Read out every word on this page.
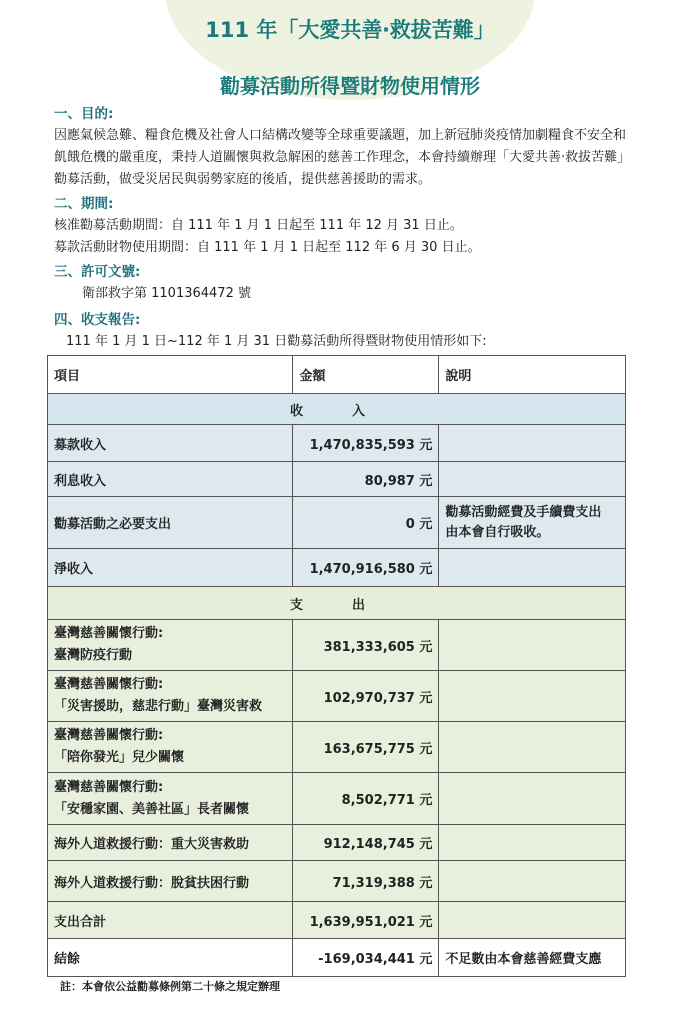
111 年「大愛共善‧救拔苦難」
勸募活動所得暨財物使用情形
一、目的:
因應氣候急難、糧食危機及社會人口結構改變等全球重要議題，加上新冠肺炎疫情加劇糧食不安全和
飢餓危機的嚴重度，秉持人道關懷與救急解困的慈善工作理念，本會持續辦理「大愛共善‧救拔苦難」
勸募活動，做受災居民與弱勢家庭的後盾，提供慈善援助的需求。
二、期間:
核准勸募活動期間：自 111 年 1 月 1 日起至 111 年 12 月 31 日止。
募款活動財物使用期間：自 111 年 1 月 1 日起至 112 年 6 月 30 日止。
三、許可文號:
衛部救字第 1101364472 號
四、收支報告:
111 年 1 月 1 日~112 年 1 月 31 日勸募活動所得暨財物使用情形如下:
項目	金額	說明
收　入		
募款收入	1,470,835,593 元	
利息收入	80,987 元	
勸募活動之必要支出	0 元	勸募活動經費及手續費支出
由本會自行吸收。

淨收入	1,470,916,580 元	
支　出		

臺灣慈善關懷行動:
臺灣防疫行動	381,333,605 元	

臺灣慈善關懷行動:
「災害援助，慈悲行動」臺灣災害救	102,970,737 元	

臺灣慈善關懷行動:
「陪你發光」兒少關懷	163,675,775 元	

臺灣慈善關懷行動:
「安穩家園、美善社區」長者關懷	8,502,771 元	
海外人道救援行動：重大災害救助	912,148,745 元	
海外人道救援行動：脫貧扶困行動	71,319,388 元	
支出合計	1,639,951,021 元	
結餘	-169,034,441 元	不足數由本會慈善經費支應
註：本會依公益勸募條例第二十條之規定辦理
